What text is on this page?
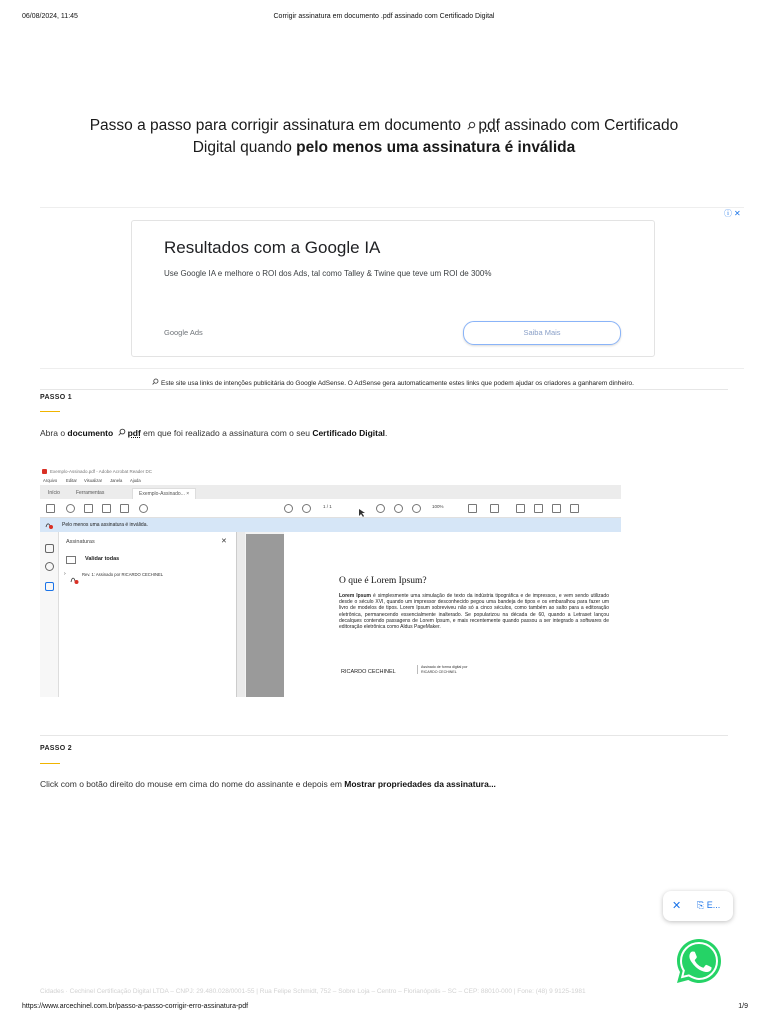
06/08/2024, 11:45	Corrigir assinatura em documento .pdf assinado com Certificado Digital
Passo a passo para corrigir assinatura em documento
pdf assinado com Certificado
Digital quando pelo menos uma assinatura é inválida
ⓘ✕
Resultados com a Google IA
Use Google IA e melhore o ROI dos Ads, tal como Talley & Twine que teve um ROI de 300%
Google Ads	Saiba Mais
Este site usa links de intenções publicitária do Google AdSense. O AdSense gera automaticamente estes links que podem ajudar os criadores a ganharem dinheiro.
PASSO 1
Abra o documento
pdf em que foi realizado a assinatura com o seu Certificado Digital.
Exemplo-Assinado.pdf - Adobe Acrobat Reader DC
Arquivo Editar Visualizar Janela Ajuda
Início	Ferramentas	Exemplo-Assinado... ×
1 / 1	100%
Pelo menos uma assinatura é inválida.
Assinaturas	✕
Validar todas
›	Rev. 1: Assinado por RICARDO CECHINEL
O que é Lorem Ipsum?
Lorem Ipsum é simplesmente uma simulação de texto da indústria tipográfica e de impressos, e vem sendo utilizado desde o século XVI, quando um impressor desconhecido pegou uma bandeja de tipos e os embaralhou para fazer um livro de modelos de tipos. Lorem Ipsum sobreviveu não só a cinco séculos, como também ao salto para a editoração eletrônica, permanecendo essencialmente inalterado. Se popularizou na década de 60, quando a Letraset lançou decalques contendo passagens de Lorem Ipsum, e mais recentemente quando passou a ser integrado a softwares de editoração eletrônica como Aldus PageMaker.
RICARDO CECHINEL
Assinado de forma digital por
RICARDO CECHINEL
PASSO 2
Click com o botão direito do mouse em cima do nome do assinante e depois em Mostrar propriedades da assinatura...
✕ ⎘ E...
Cidades · Cechinel Certificação Digital LTDA – CNPJ: 29.480.028/0001-55 | Rua Felipe Schmidt, 752 – Sobre Loja – Centro – Florianópolis – SC – CEP: 88010-000 | Fone: (48) 9 9125-1981
https://www.arcechinel.com.br/passo-a-passo-corrigir-erro-assinatura-pdf	1/9
